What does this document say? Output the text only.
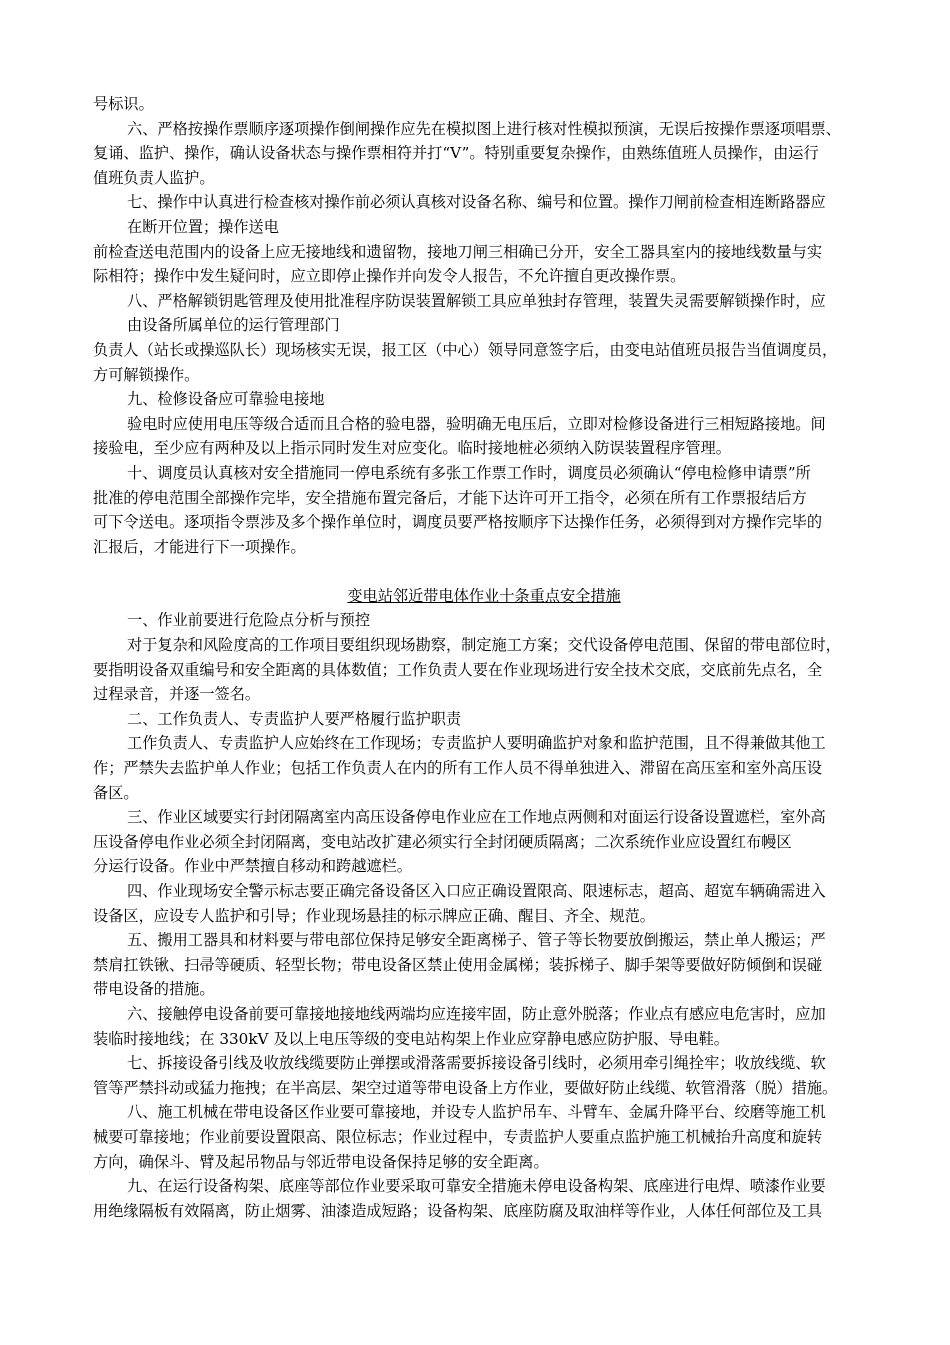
号标识。
六、严格按操作票顺序逐项操作倒闸操作应先在模拟图上进行核对性模拟预演，无误后按操作票逐项唱票、
复诵、监护、操作，确认设备状态与操作票相符并打“V”。特别重要复杂操作，由熟练值班人员操作，由运行
值班负责人监护。
七、操作中认真进行检查核对操作前必须认真核对设备名称、编号和位置。操作刀闸前检查相连断路器应
在断开位置；操作送电
前检查送电范围内的设备上应无接地线和遗留物，接地刀闸三相确已分开，安全工器具室内的接地线数量与实
际相符；操作中发生疑问时，应立即停止操作并向发令人报告，不允许擅自更改操作票。
八、严格解锁钥匙管理及使用批准程序防误装置解锁工具应单独封存管理，装置失灵需要解锁操作时，应
由设备所属单位的运行管理部门
负责人（站长或操巡队长）现场核实无误，报工区（中心）领导同意签字后，由变电站值班员报告当值调度员，
方可解锁操作。
九、检修设备应可靠验电接地
验电时应使用电压等级合适而且合格的验电器，验明确无电压后，立即对检修设备进行三相短路接地。间
接验电，至少应有两种及以上指示同时发生对应变化。临时接地桩必须纳入防误装置程序管理。
十、调度员认真核对安全措施同一停电系统有多张工作票工作时，调度员必须确认“停电检修申请票”所
批准的停电范围全部操作完毕，安全措施布置完备后，才能下达许可开工指令，必须在所有工作票报结后方
可下令送电。逐项指令票涉及多个操作单位时，调度员要严格按顺序下达操作任务，必须得到对方操作完毕的
汇报后，才能进行下一项操作。
变电站邻近带电体作业十条重点安全措施
一、作业前要进行危险点分析与预控
对于复杂和风险度高的工作项目要组织现场勘察，制定施工方案；交代设备停电范围、保留的带电部位时，
要指明设备双重编号和安全距离的具体数值；工作负责人要在作业现场进行安全技术交底，交底前先点名，全
过程录音，并逐一签名。
二、工作负责人、专责监护人要严格履行监护职责
工作负责人、专责监护人应始终在工作现场；专责监护人要明确监护对象和监护范围，且不得兼做其他工
作；严禁失去监护单人作业；包括工作负责人在内的所有工作人员不得单独进入、滞留在高压室和室外高压设
备区。
三、作业区域要实行封闭隔离室内高压设备停电作业应在工作地点两侧和对面运行设备设置遮栏，室外高
压设备停电作业必须全封闭隔离，变电站改扩建必须实行全封闭硬质隔离；二次系统作业应设置红布幔区
分运行设备。作业中严禁擅自移动和跨越遮栏。
四、作业现场安全警示标志要正确完备设备区入口应正确设置限高、限速标志，超高、超宽车辆确需进入
设备区，应设专人监护和引导；作业现场悬挂的标示牌应正确、醒目、齐全、规范。
五、搬用工器具和材料要与带电部位保持足够安全距离梯子、管子等长物要放倒搬运，禁止单人搬运；严
禁肩扛铁锹、扫帚等硬质、轻型长物；带电设备区禁止使用金属梯；装拆梯子、脚手架等要做好防倾倒和误碰
带电设备的措施。
六、接触停电设备前要可靠接地接地线两端均应连接牢固，防止意外脱落；作业点有感应电危害时，应加
装临时接地线；在 330kV 及以上电压等级的变电站构架上作业应穿静电感应防护服、导电鞋。
七、拆接设备引线及收放线缆要防止弹摆或滑落需要拆接设备引线时，必须用牵引绳拴牢；收放线缆、软
管等严禁抖动或猛力拖拽；在半高层、架空过道等带电设备上方作业，要做好防止线缆、软管滑落（脱）措施。
八、施工机械在带电设备区作业要可靠接地，并设专人监护吊车、斗臂车、金属升降平台、绞磨等施工机
械要可靠接地；作业前要设置限高、限位标志；作业过程中，专责监护人要重点监护施工机械抬升高度和旋转
方向，确保斗、臂及起吊物品与邻近带电设备保持足够的安全距离。
九、在运行设备构架、底座等部位作业要采取可靠安全措施未停电设备构架、底座进行电焊、喷漆作业要
用绝缘隔板有效隔离，防止烟雾、油漆造成短路；设备构架、底座防腐及取油样等作业，人体任何部位及工具
